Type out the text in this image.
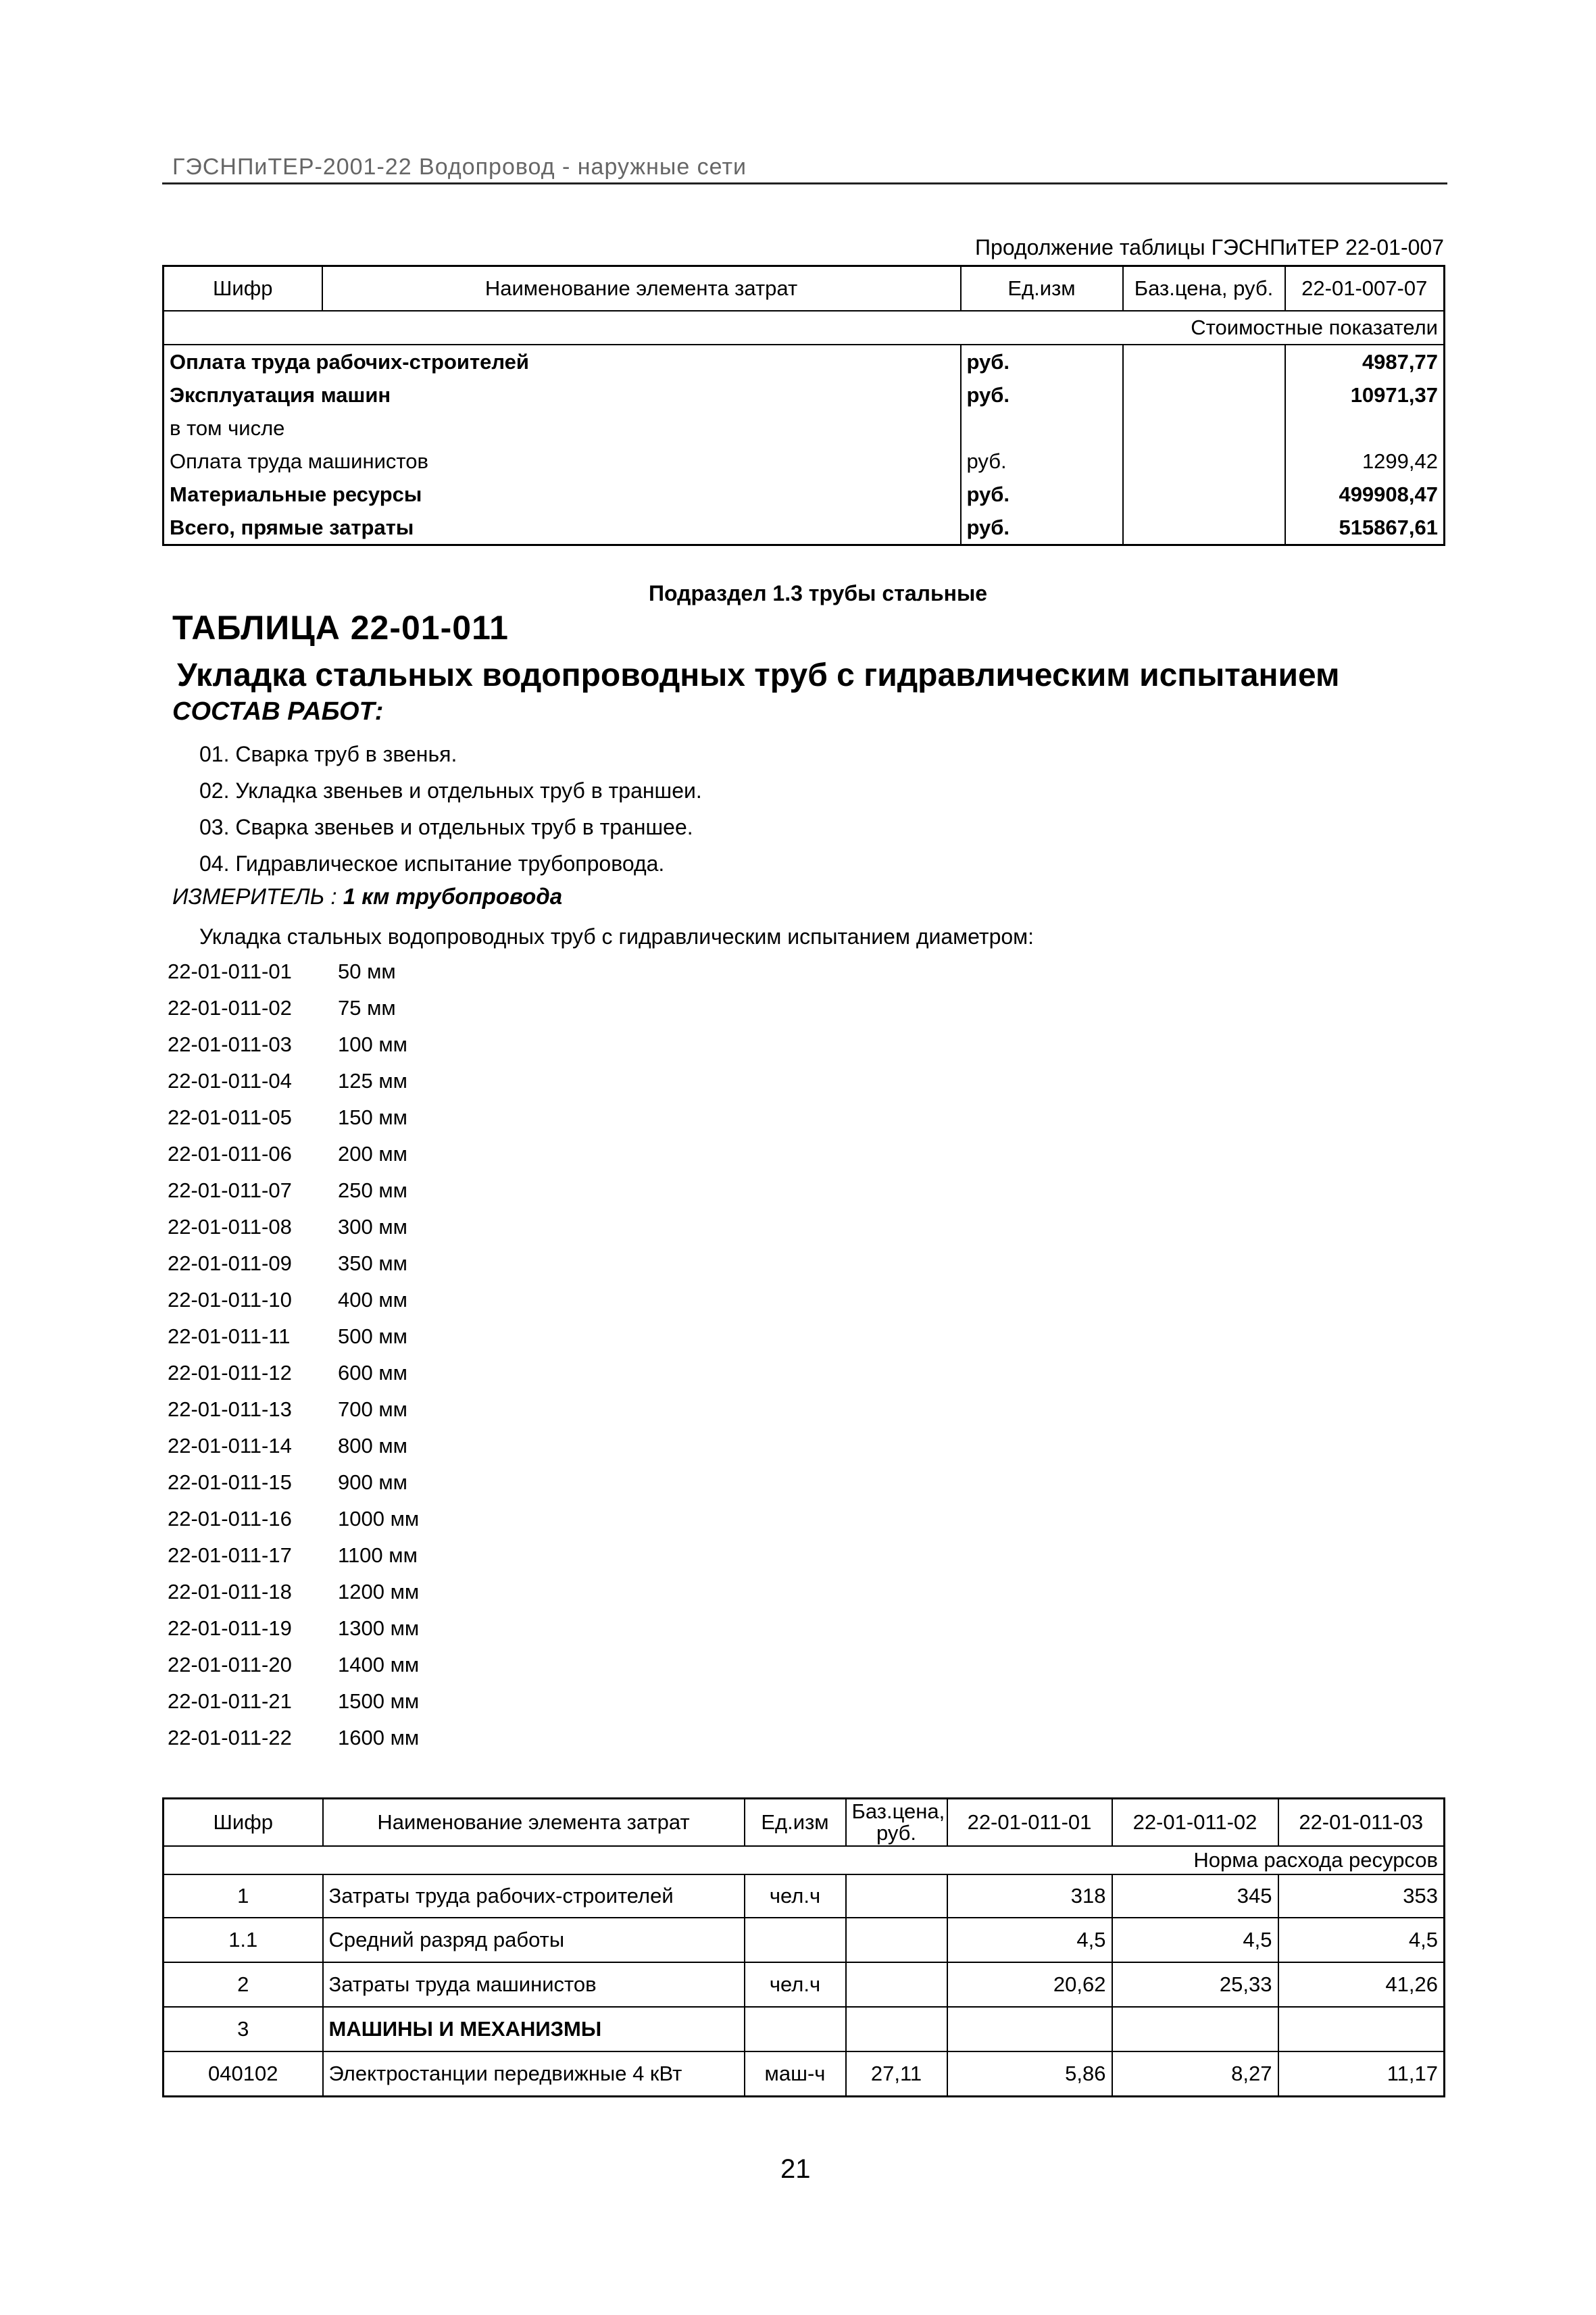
ГЭСНПиТЕР-2001-22 Водопровод - наружные сети
Продолжение таблицы ГЭСНПиТЕР 22-01-007
Шифр	Наименование элемента затрат	Ед.изм	Баз.цена, руб.	22-01-007-07
Стоимостные показатели				
Оплата труда рабочих-строителей		руб.		4987,77
Эксплуатация машин		руб.		10971,37
в том числе				
Оплата труда машинистов		руб.		1299,42
Материальные ресурсы		руб.		499908,47
Всего, прямые затраты		руб.		515867,61
Подраздел 1.3 трубы стальные
ТАБЛИЦА 22-01-011
Укладка стальных водопроводных труб с гидравлическим испытанием
СОСТАВ РАБОТ:
01. Сварка труб в звенья.
02. Укладка звеньев и отдельных труб в траншеи.
03. Сварка звеньев и отдельных труб в траншее.
04. Гидравлическое испытание трубопровода.
ИЗМЕРИТЕЛЬ : 1 км трубопровода
Укладка стальных водопроводных труб с гидравлическим испытанием диаметром:
22-01-011-01 50 мм
22-01-011-02 75 мм
22-01-011-03 100 мм
22-01-011-04 125 мм
22-01-011-05 150 мм
22-01-011-06 200 мм
22-01-011-07 250 мм
22-01-011-08 300 мм
22-01-011-09 350 мм
22-01-011-10 400 мм
22-01-011-11 500 мм
22-01-011-12 600 мм
22-01-011-13 700 мм
22-01-011-14 800 мм
22-01-011-15 900 мм
22-01-011-16 1000 мм
22-01-011-17 1100 мм
22-01-011-18 1200 мм
22-01-011-19 1300 мм
22-01-011-20 1400 мм
22-01-011-21 1500 мм
22-01-011-22 1600 мм
Шифр	Наименование элемента затрат	Ед.изм	Баз.цена, руб.	22-01-011-01	22-01-011-02	22-01-011-03
Норма расхода ресурсов						
1	Затраты труда рабочих-строителей	чел.ч		318	345	353
1.1	Средний разряд работы			4,5	4,5	4,5
2	Затраты труда машинистов	чел.ч		20,62	25,33	41,26
3	МАШИНЫ И МЕХАНИЗМЫ					
040102	Электростанции передвижные 4 кВт	маш-ч	27,11	5,86	8,27	11,17
21
